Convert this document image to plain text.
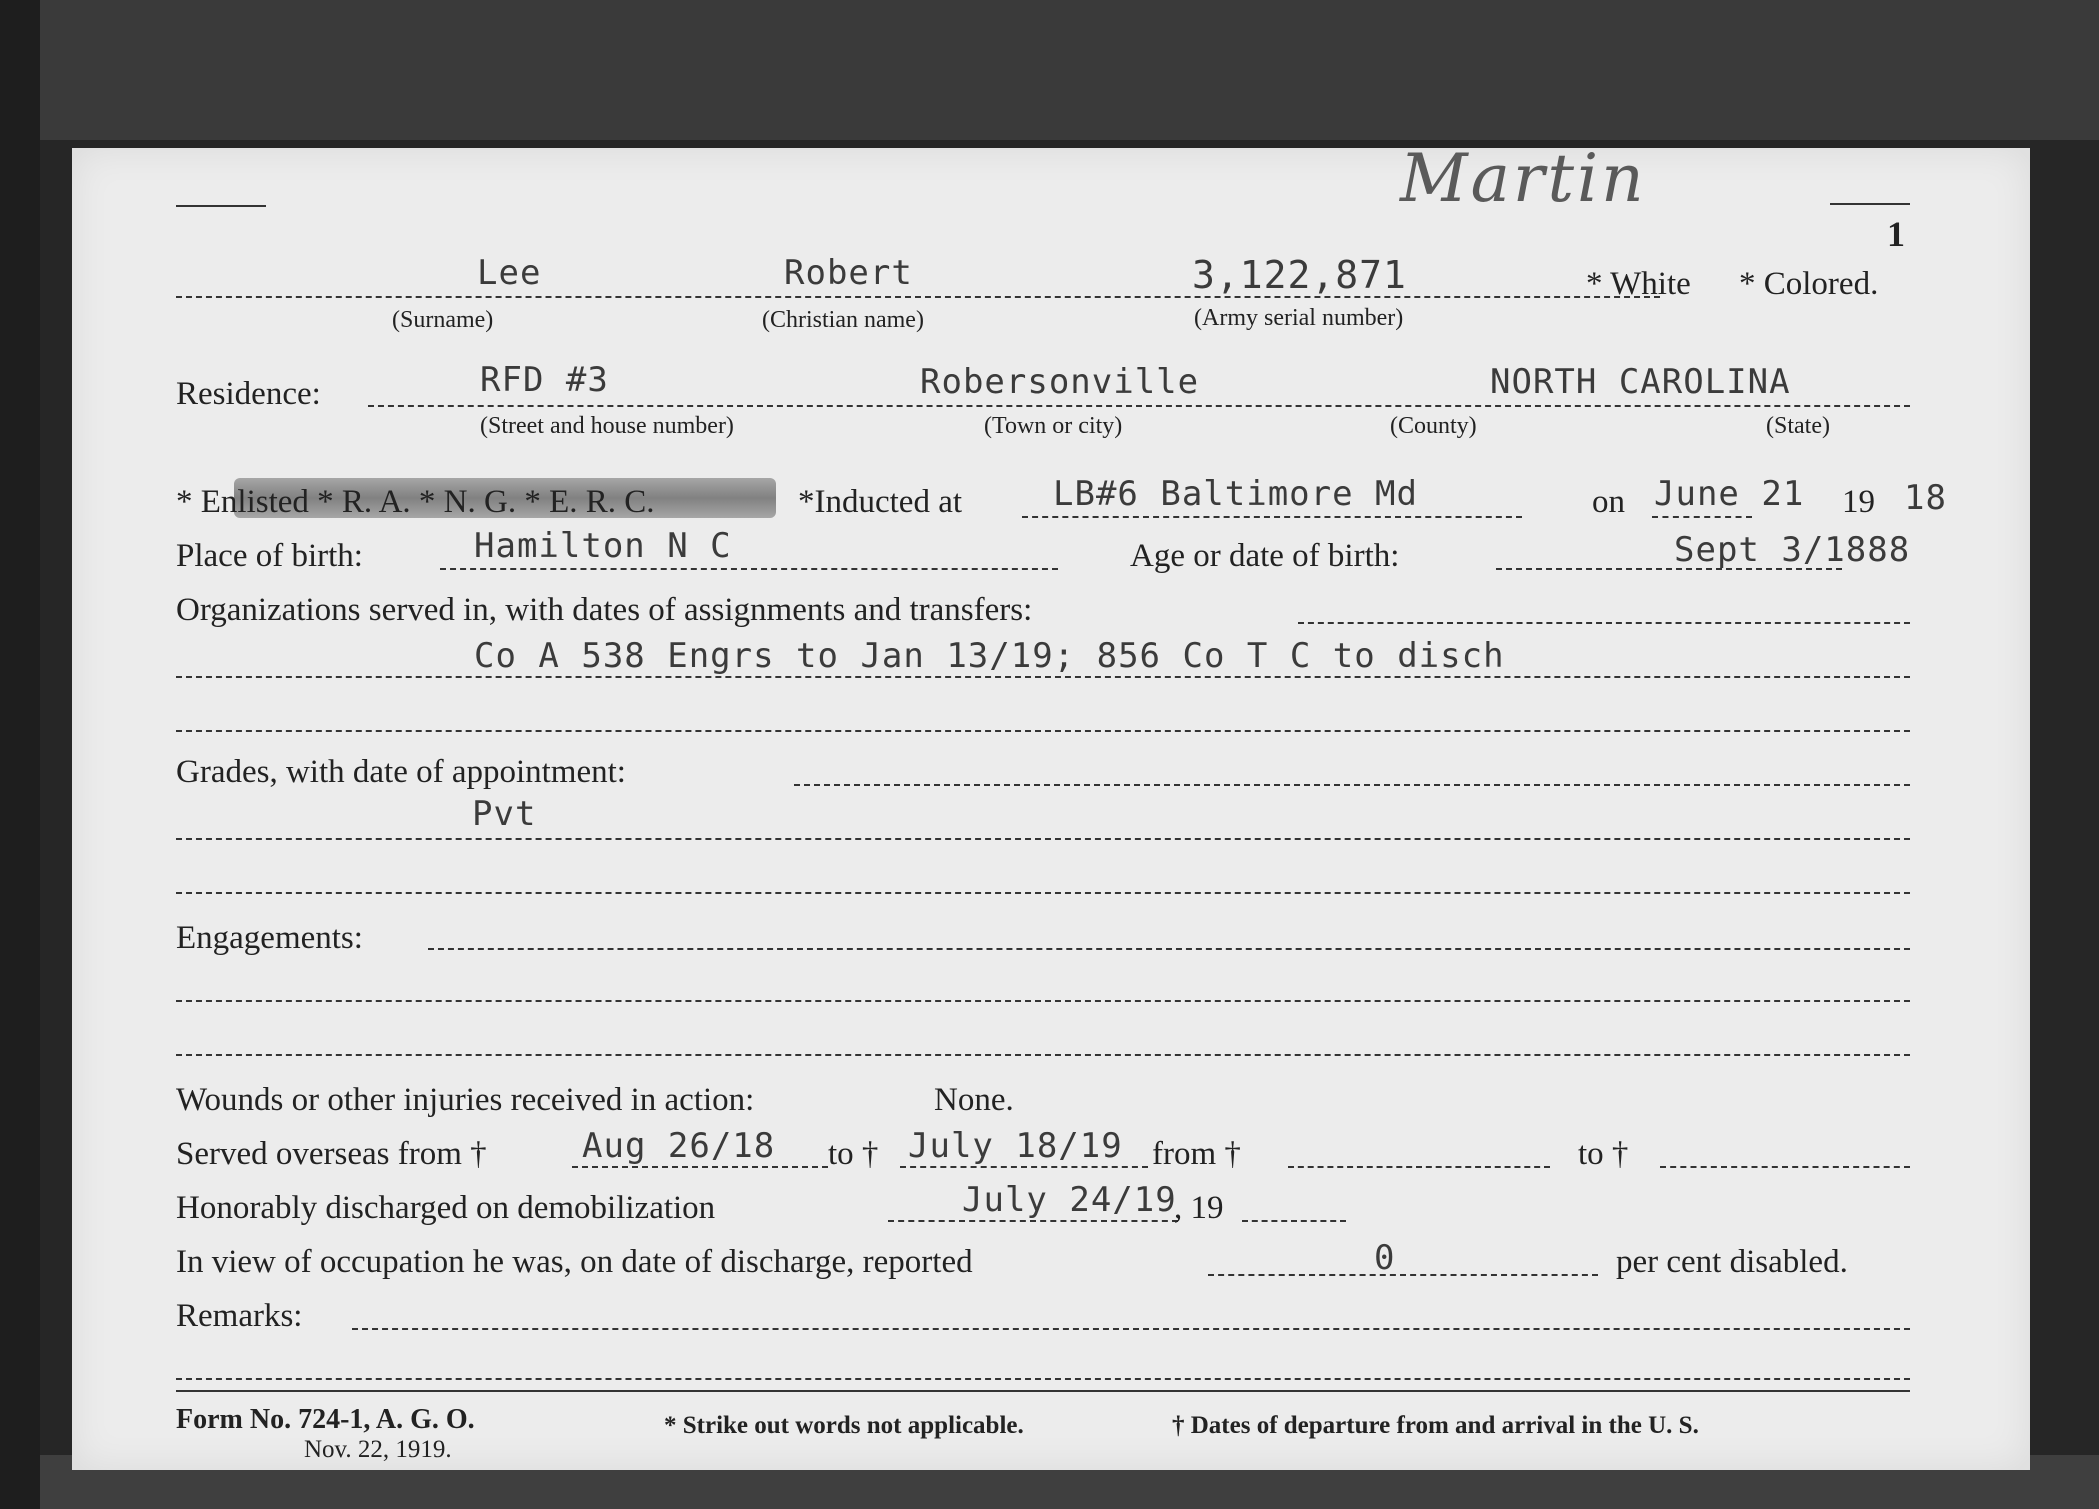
Martin
1
Lee	Robert	3,122,871	* White * Colored.
(Surname)	(Christian name)	(Army serial number)
Residence:	RFD #3	Robersonville	NORTH CAROLINA
(Street and house number)	(Town or city)	(County)	(State)
* Enlisted * R. A. * N. G. * E. R. C.	*Inducted at	LB#6 Baltimore Md	on June 21 19 18
Place of birth:	Hamilton N C	Age or date of birth:	Sept 3/1888
Organizations served in, with dates of assignments and transfers:
Co A 538 Engrs to Jan 13/19; 856 Co T C to disch
Grades, with date of appointment:
Pvt
Engagements:
Wounds or other injuries received in action:	None.
Served overseas from †	Aug 26/18 to † July 18/19 from †	to †
Honorably discharged on demobilization	July 24/19
, 19
In view of occupation he was, on date of discharge, reported	0	per cent disabled.
Remarks:
Form No. 724-1, A. G. O.
Nov. 22, 1919.
* Strike out words not applicable.	† Dates of departure from and arrival in the U. S.
